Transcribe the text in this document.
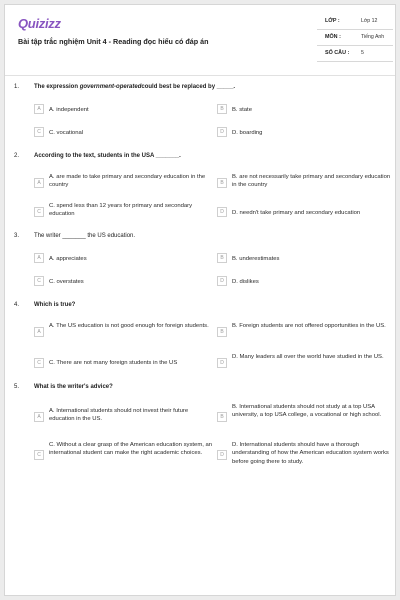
Quizizz
Bài tập trắc nghiệm Unit 4 - Reading đọc hiểu có đáp án
LỚP :	Lớp 12
MÔN :	Tiếng Anh
SỐ CÂU : 5
1. The expression government-operatedcould best be replaced by _____.
A	A. independent	B	B. state
C	C. vocational	D	D. boarding
2. According to the text, students in the USA _______.
A
A. are made to take primary and secondary education in the country	B
B. are not necessarily take primary and secondary education in the country
C
C. spend less than 12 years for primary and secondary education	D	D. needn't take primary and secondary education
3. The writer _______ the US education.
A	A. appreciates	B	B. underestimates
C	C. overstates	D	D. dislikes
4. Which is true?
A
A. The US education is not good enough for foreign students.
B
B. Foreign students are not offered opportunities in the US.
C	C. There are not many foreign students in the US	D
D. Many leaders all over the world have studied in the US.
5. What is the writer's advice?
A
A. International students should not invest their future education in the US.	B
B. International students should not study at a top USA university, a top USA college, a vocational or high school.
C
C. Without a clear grasp of the American education system, an international student can make the right academic choices.	D
D. International students should have a thorough understanding of how the American education system works before going there to study.
